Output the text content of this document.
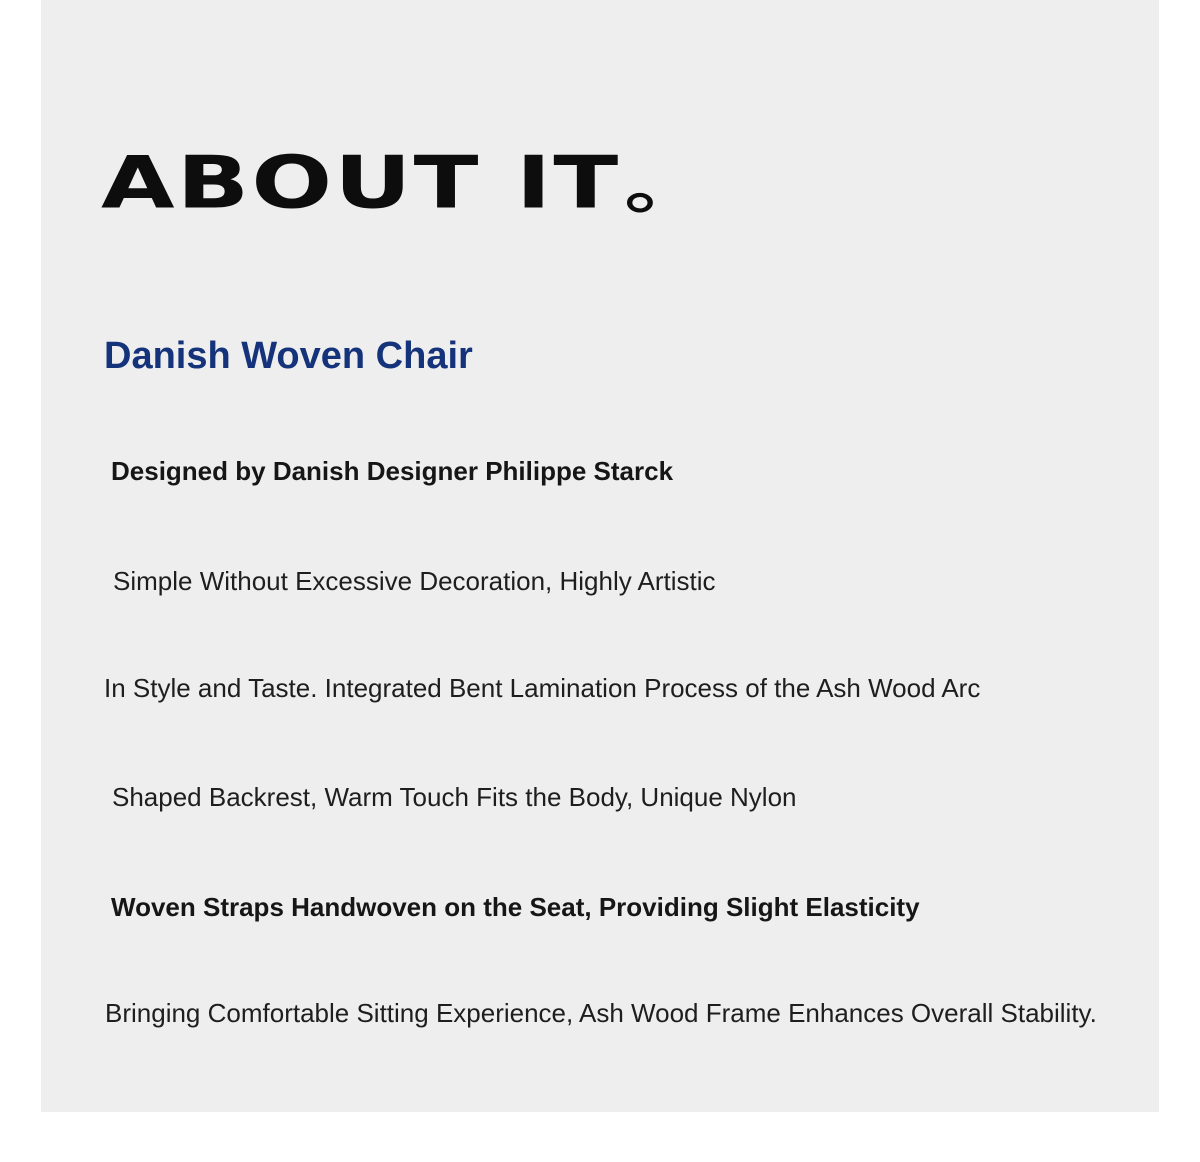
ABOUT IT
Danish Woven Chair

Designed by Danish Designer Philippe Starck

Simple Without Excessive Decoration, Highly Artistic

In Style and Taste. Integrated Bent Lamination Process of the Ash Wood Arc

Shaped Backrest, Warm Touch Fits the Body, Unique Nylon

Woven Straps Handwoven on the Seat, Providing Slight Elasticity

Bringing Comfortable Sitting Experience, Ash Wood Frame Enhances Overall Stability.
